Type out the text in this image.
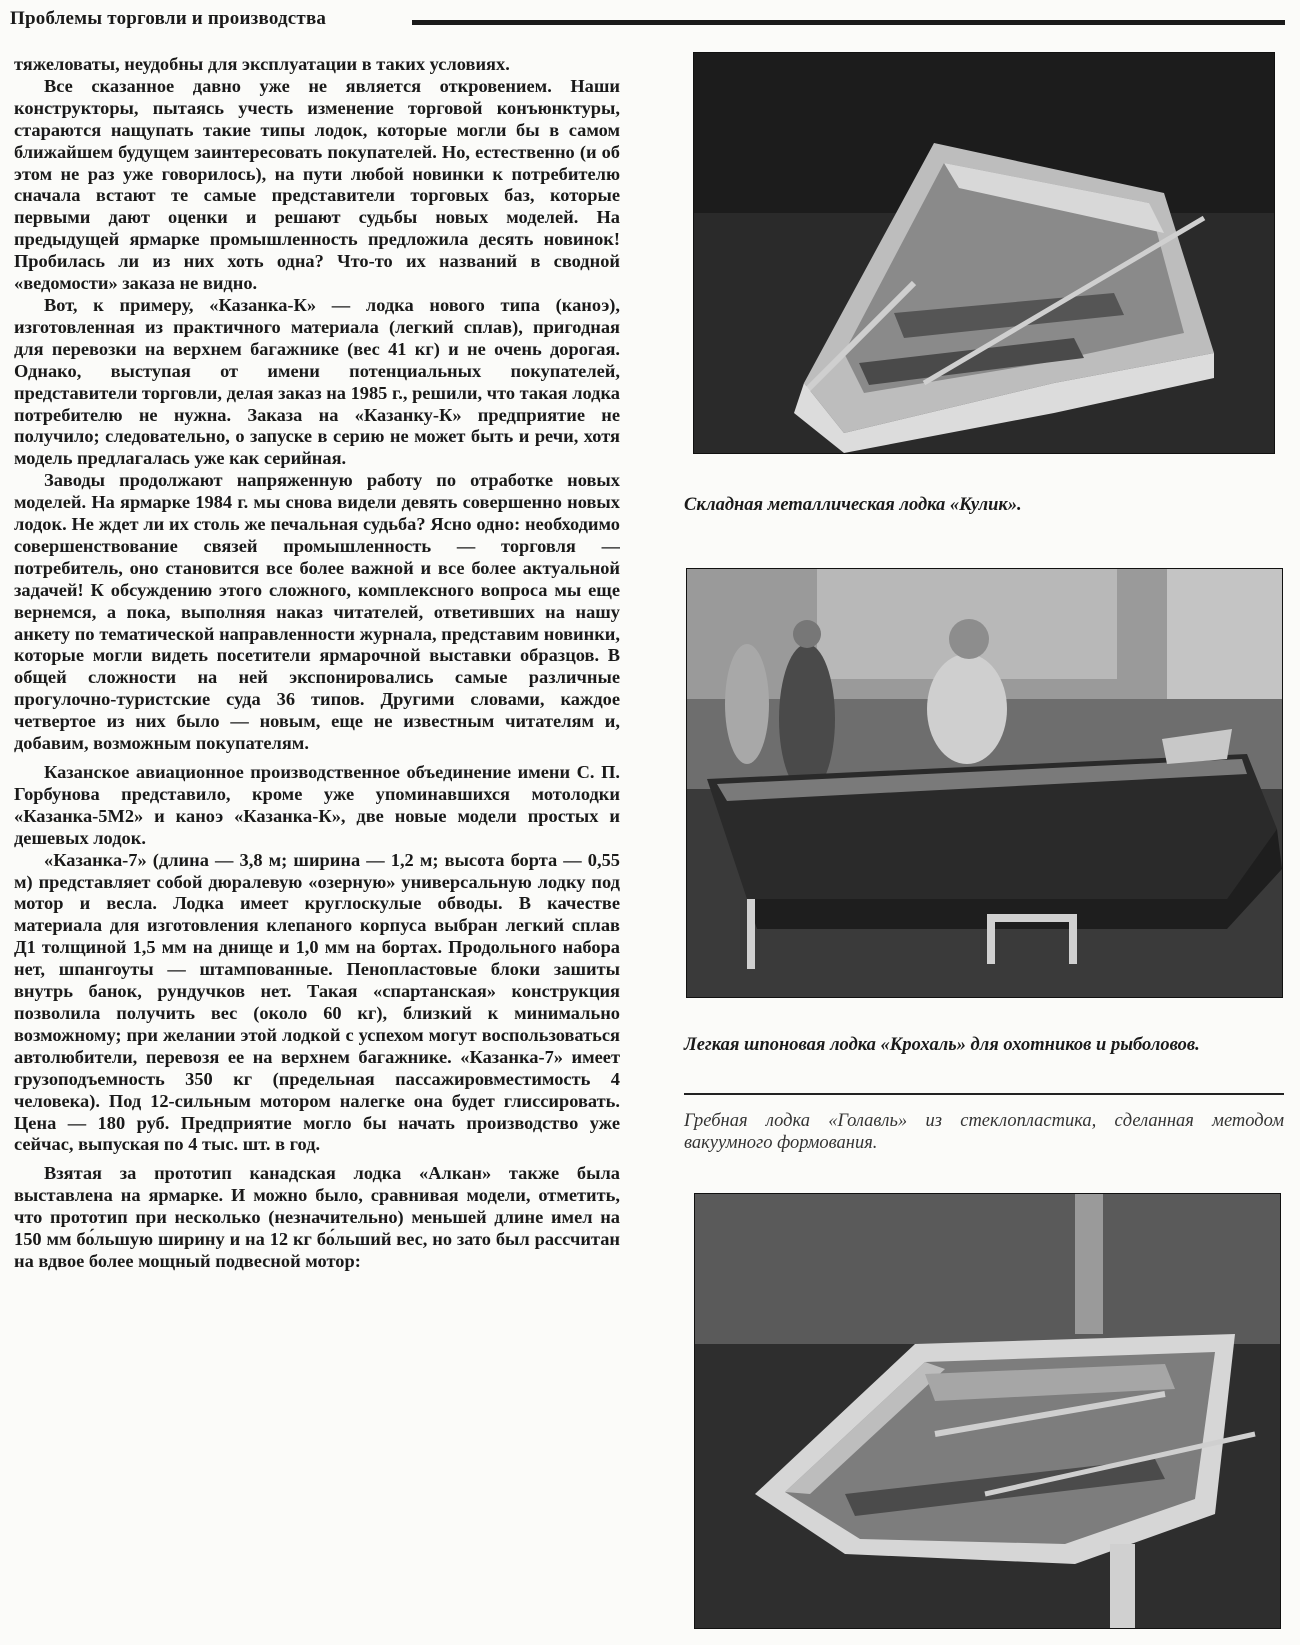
Проблемы торговли и производства

тяжеловаты, неудобны для эксплуатации в таких условиях.

Все сказанное давно уже не является откровением. Наши конструкторы, пытаясь учесть изменение торговой конъюнктуры, стараются нащупать такие типы лодок, которые могли бы в самом ближайшем будущем заинтересовать покупателей. Но, естественно (и об этом не раз уже говорилось), на пути любой новинки к потребителю сначала встают те самые представители торговых баз, которые первыми дают оценки и решают судьбы новых моделей. На предыдущей ярмарке промышленность предложила десять новинок! Пробилась ли из них хоть одна? Что-то их названий в сводной «ведомости» заказа не видно.

Вот, к примеру, «Казанка-К» — лодка нового типа (каноэ), изготовленная из практичного материала (легкий сплав), пригодная для перевозки на верхнем багажнике (вес 41 кг) и не очень дорогая. Однако, выступая от имени потенциальных покупателей, представители торговли, делая заказ на 1985 г., решили, что такая лодка потребителю не нужна. Заказа на «Казанку-К» предприятие не получило; следовательно, о запуске в серию не может быть и речи, хотя модель предлагалась уже как серийная.

Заводы продолжают напряженную работу по отработке новых моделей. На ярмарке 1984 г. мы снова видели девять совершенно новых лодок. Не ждет ли их столь же печальная судьба? Ясно одно: необходимо совершенствование связей промышленность — торговля — потребитель, оно становится все более важной и все более актуальной задачей! К обсуждению этого сложного, комплексного вопроса мы еще вернемся, а пока, выполняя наказ читателей, ответивших на нашу анкету по тематической направленности журнала, представим новинки, которые могли видеть посетители ярмарочной выставки образцов. В общей сложности на ней экспонировались самые различные прогулочно-туристские суда 36 типов. Другими словами, каждое четвертое из них было — новым, еще не известным читателям и, добавим, возможным покупателям.

Казанское авиационное производственное объединение имени С. П. Горбунова представило, кроме уже упоминавшихся мотолодки «Казанка-5М2» и каноэ «Казанка-К», две новые модели простых и дешевых лодок.

«Казанка-7» (длина — 3,8 м; ширина — 1,2 м; высота борта — 0,55 м) представляет собой дюралевую «озерную» универсальную лодку под мотор и весла. Лодка имеет круглоскулые обводы. В качестве материала для изготовления клепаного корпуса выбран легкий сплав Д1 толщиной 1,5 мм на днище и 1,0 мм на бортах. Продольного набора нет, шпангоуты — штампованные. Пенопластовые блоки зашиты внутрь банок, рундучков нет. Такая «спартанская» конструкция позволила получить вес (около 60 кг), близкий к минимально возможному; при желании этой лодкой с успехом могут воспользоваться автолюбители, перевозя ее на верхнем багажнике. «Казанка-7» имеет грузоподъемность 350 кг (предельная пассажировместимость 4 человека). Под 12-сильным мотором налегке она будет глиссировать. Цена — 180 руб. Предприятие могло бы начать производство уже сейчас, выпуская по 4 тыс. шт. в год.

Взятая за прототип канадская лодка «Алкан» также была выставлена на ярмарке. И можно было, сравнивая модели, отметить, что прототип при несколько (незначительно) меньшей длине имел на 150 мм бо́льшую ширину и на 12 кг бо́льший вес, но зато был рассчитан на вдвое более мощный подвесной мотор:

Складная металлическая лодка «Кулик».
Легкая шпоновая лодка «Крохаль» для охотников и рыболовов.
Гребная лодка «Голавль» из стеклопластика, сделанная методом вакуумного формования.
